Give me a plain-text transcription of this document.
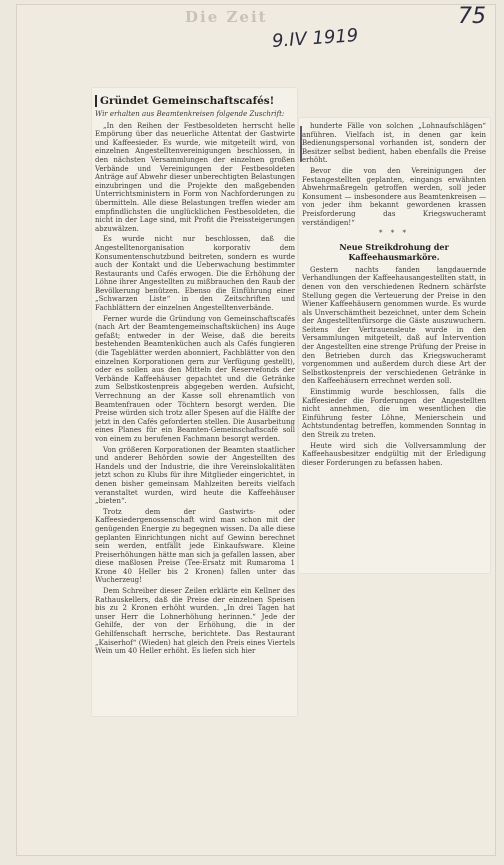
Die Zeit
9.IV 1919
75
Gründet Gemeinschaftscafés!
Wir erhalten aus Beamtenkreisen folgende Zuschrift:

„In den Reihen der Festbesoldeten herrscht helle Empörung über das neuerliche Attentat der Gastwirte und Kaffeesieder. Es wurde, wie mitgeteilt wird, von einzelnen Angestelltenvereinigungen beschlossen, in den nächsten Versammlungen der einzelnen großen Verbände und Vereinigungen der Festbesoldeten Anträge auf Abwehr dieser unberechtigten Belastungen einzubringen und die Projekte den maßgebenden Unterrichtsministern in Form von Nachforderungen zu übermitteln. Alle diese Belastungen treffen wieder am empfindlichsten die unglücklichen Festbesoldeten, die nicht in der Lage sind, mit Profit die Preissteigerungen abzuwälzen.

Es wurde nicht nur beschlossen, daß die Angestelltenorganisation korporativ dem Konsumentenschutzbund beitreten, sondern es wurde auch der Kontakt und die Ueberwachung bestimmter Restaurants und Cafés erwogen. Die die Erhöhung der Löhne ihrer Angestellten zu mißbrauchen den Raub der Bevölkerung benützen. Ebenso die Einführung einer „Schwarzen Liste“ in den Zeitschriften und Fachblättern der einzelnen Angestelltenverbände.

Ferner wurde die Gründung von Gemeinschaftscafés (nach Art der Beamtengemeinschaftsküchen) ins Auge gefaßt; entweder in der Weise, daß die bereits bestehenden Beamtenküchen auch als Cafés fungieren (die Tageblätter werden abonniert, Fachblätter von den einzelnen Korporationen gern zur Verfügung gestellt), oder es sollen aus den Mitteln der Reservefonds der Verbände Kaffeehäuser gepachtet und die Getränke zum Selbstkostenpreis abgegeben werden. Aufsicht, Verrechnung an der Kasse soll ehrenamtlich von Beamtenfrauen oder Töchtern besorgt werden. Die Preise würden sich trotz aller Spesen auf die Hälfte der jetzt in den Cafés geforderten stellen. Die Ausarbeitung eines Planes für ein Beamten-Gemeinschaftscafé soll von einem zu berufenen Fachmann besorgt werden.

Von größeren Korporationen der Beamten staatlicher und anderer Behörden sowie der Angestellten des Handels und der Industrie, die ihre Vereinslokalitäten jetzt schon zu Klubs für ihre Mitglieder eingerichtet, in denen bisher gemeinsam Mahlzeiten bereits vielfach veranstaltet wurden, wird heute die Kaffeehäuser „bieten“.

Trotz dem der Gastwirts- oder Kaffeesiedergenossenschaft wird man schon mit der genügenden Energie zu begegnen wissen. Da alle diese geplanten Einrichtungen nicht auf Gewinn berechnet sein werden, entfällt jede Einkaufsware. Kleine Preiserhöhungen hätte man sich ja gefallen lassen, aber diese maßlosen Preise (Tee-Ersatz mit Rumaroma 1 Krone 40 Heller bis 2 Kronen) fallen unter das Wucherzeug!

Dem Schreiber dieser Zeilen erklärte ein Kellner des Rathauskellers, daß die Preise der einzelnen Speisen bis zu 2 Kronen erhöht wurden. „In drei Tagen hat unser Herr die Lohnerhöhung herinnen.“ Jede der Gehilfe, der von der Erhöhung, die in der Gehilfenschaft herrsche, berichtete. Das Restaurant „Kaiserhof“ (Wieden) hat gleich den Preis eines Viertels Wein um 40 Heller erhöht. Es liefen sich hier

hunderte Fälle von solchen „Lohnaufschlägen“ anführen. Vielfach ist, in denen gar kein Bedienungspersonal vorhanden ist, sondern der Besitzer selbst bedient, haben ebenfalls die Preise erhöht.

Bevor die von den Vereinigungen der Festangestellten geplanten, eingangs erwähnten Abwehrmaßregeln getroffen werden, soll jeder Konsument — insbesondere aus Beamtenkreisen — von jeder ihm bekannt gewordenen krassen Preisforderung das Kriegswucheramt verständigen!“

* * *
Neue Streikdrohung der Kaffeehausmarköre.

Gestern nachts fanden langdauernde Verhandlungen der Kaffeehausangestellten statt, in denen von den verschiedenen Rednern schärfste Stellung gegen die Verteuerung der Preise in den Wiener Kaffeehäusern genommen wurde. Es wurde als Unverschämtheit bezeichnet, unter dem Schein der Angestelltenfürsorge die Gäste auszuwuchern. Seitens der Vertrauensleute wurde in den Versammlungen mitgeteilt, daß auf Intervention der Angestellten eine strenge Prüfung der Preise in den Betrieben durch das Kriegswucheramt vorgenommen und außerdem durch diese Art der Selbstkostenpreis der verschiedenen Getränke in den Kaffeehäusern errechnet werden soll.

Einstimmig wurde beschlossen, falls die Kaffeesieder die Forderungen der Angestellten nicht annehmen, die im wesentlichen die Einführung fester Löhne, Menierschein und Achtstundentag betreffen, kommenden Sonntag in den Streik zu treten.

Heute wird sich die Vollversammlung der Kaffeehausbesitzer endgültig mit der Erledigung dieser Forderungen zu befassen haben.
